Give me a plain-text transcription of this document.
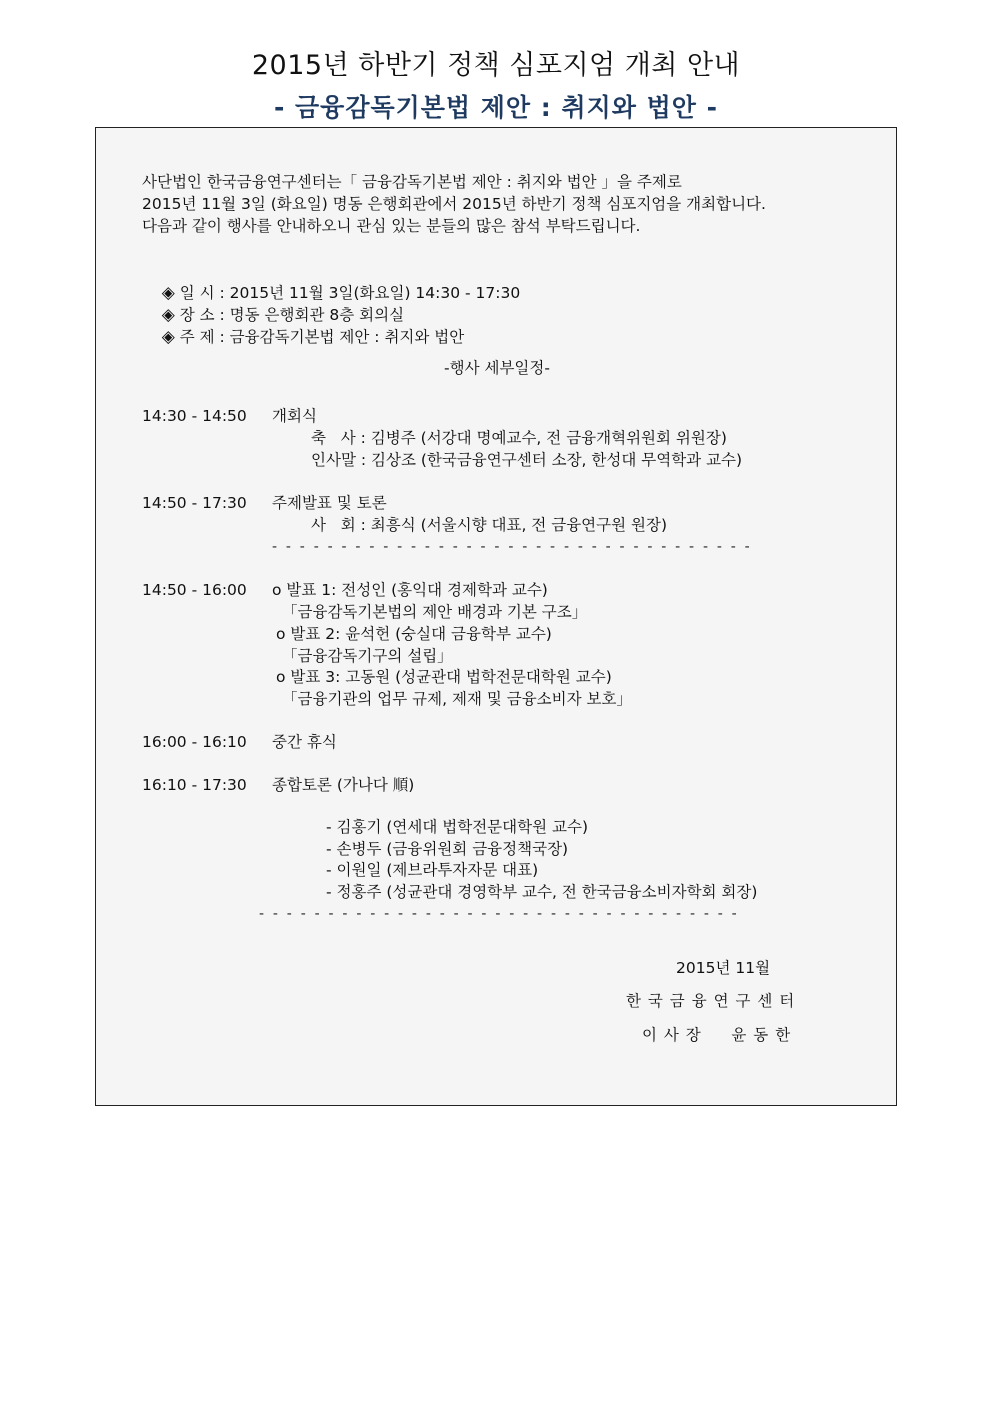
2015년 하반기 정책 심포지엄 개최 안내
- 금융감독기본법 제안 : 취지와 법안 -
사단법인 한국금융연구센터는「 금융감독기본법 제안 : 취지와 법안 」을 주제로
2015년 11월 3일 (화요일) 명동 은행회관에서 2015년 하반기 정책 심포지엄을 개최합니다.
다음과 같이 행사를 안내하오니 관심 있는 분들의 많은 참석 부탁드립니다.

◈ 일 시 : 2015년 11월 3일(화요일) 14:30 - 17:30

◈ 장 소 : 명동 은행회관 8층 회의실

◈ 주 제 : 금융감독기본법 제안 : 취지와 법안

-행사 세부일정-
14:30 - 14:50 개회식
축   사 : 김병주 (서강대 명예교수, 전 금융개혁위원회 위원장)
인사말 : 김상조 (한국금융연구센터 소장, 한성대 무역학과 교수)
14:50 - 17:30 주제발표 및 토론
사   회 : 최흥식 (서울시향 대표, 전 금융연구원 원장)
- - - - - - - - - - - - - - - - - - - - - - - - - - - - - - - - - - -
14:50 - 16:00 ο 발표 1: 전성인 (홍익대 경제학과 교수)
「금융감독기본법의 제안 배경과 기본 구조」
ο 발표 2: 윤석헌 (숭실대 금융학부 교수)
「금융감독기구의 설립」
ο 발표 3: 고동원 (성균관대 법학전문대학원 교수)
「금융기관의 업무 규제, 제재 및 금융소비자 보호」
16:00 - 16:10 중간 휴식
16:10 - 17:30 종합토론 (가나다 順)
- 김홍기 (연세대 법학전문대학원 교수)
- 손병두 (금융위원회 금융정책국장)
- 이원일 (제브라투자자문 대표)
- 정홍주 (성균관대 경영학부 교수, 전 한국금융소비자학회 회장)
- - - - - - - - - - - - - - - - - - - - - - - - - - - - - - - - - - -
2015년 11월
한 국 금 융 연 구 센 터
이 사 장     윤 동 한
